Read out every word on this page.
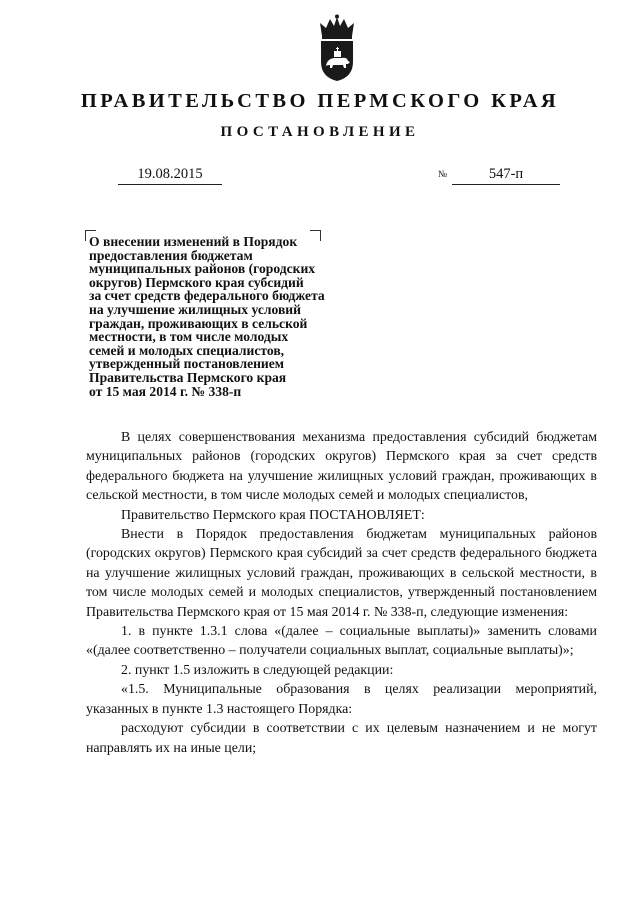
ПРАВИТЕЛЬСТВО ПЕРМСКОГО КРАЯ
ПОСТАНОВЛЕНИЕ
19.08.2015	№	547-п
О внесении изменений в Порядок
предоставления бюджетам
муниципальных районов (городских
округов) Пермского края субсидий
за счет средств федерального бюджета
на улучшение жилищных условий
граждан, проживающих в сельской
местности, в том числе молодых
семей и молодых специалистов,
утвержденный постановлением
Правительства Пермского края
от 15 мая 2014 г. № 338-п

В целях совершенствования механизма предоставления субсидий бюджетам муниципальных районов (городских округов) Пермского края за счет средств федерального бюджета на улучшение жилищных условий граждан, проживающих в сельской местности, в том числе молодых семей и молодых специалистов,

Правительство Пермского края ПОСТАНОВЛЯЕТ:

Внести в Порядок предоставления бюджетам муниципальных районов (городских округов) Пермского края субсидий за счет средств федерального бюджета на улучшение жилищных условий граждан, проживающих в сельской местности, в том числе молодых семей и молодых специалистов, утвержденный постановлением Правительства Пермского края от 15 мая 2014 г. № 338-п, следующие изменения:

1. в пункте 1.3.1 слова «(далее – социальные выплаты)» заменить словами «(далее соответственно – получатели социальных выплат, социальные выплаты)»;

2. пункт 1.5 изложить в следующей редакции:

«1.5. Муниципальные образования в целях реализации мероприятий, указанных в пункте 1.3 настоящего Порядка:

расходуют субсидии в соответствии с их целевым назначением и не могут направлять их на иные цели;
